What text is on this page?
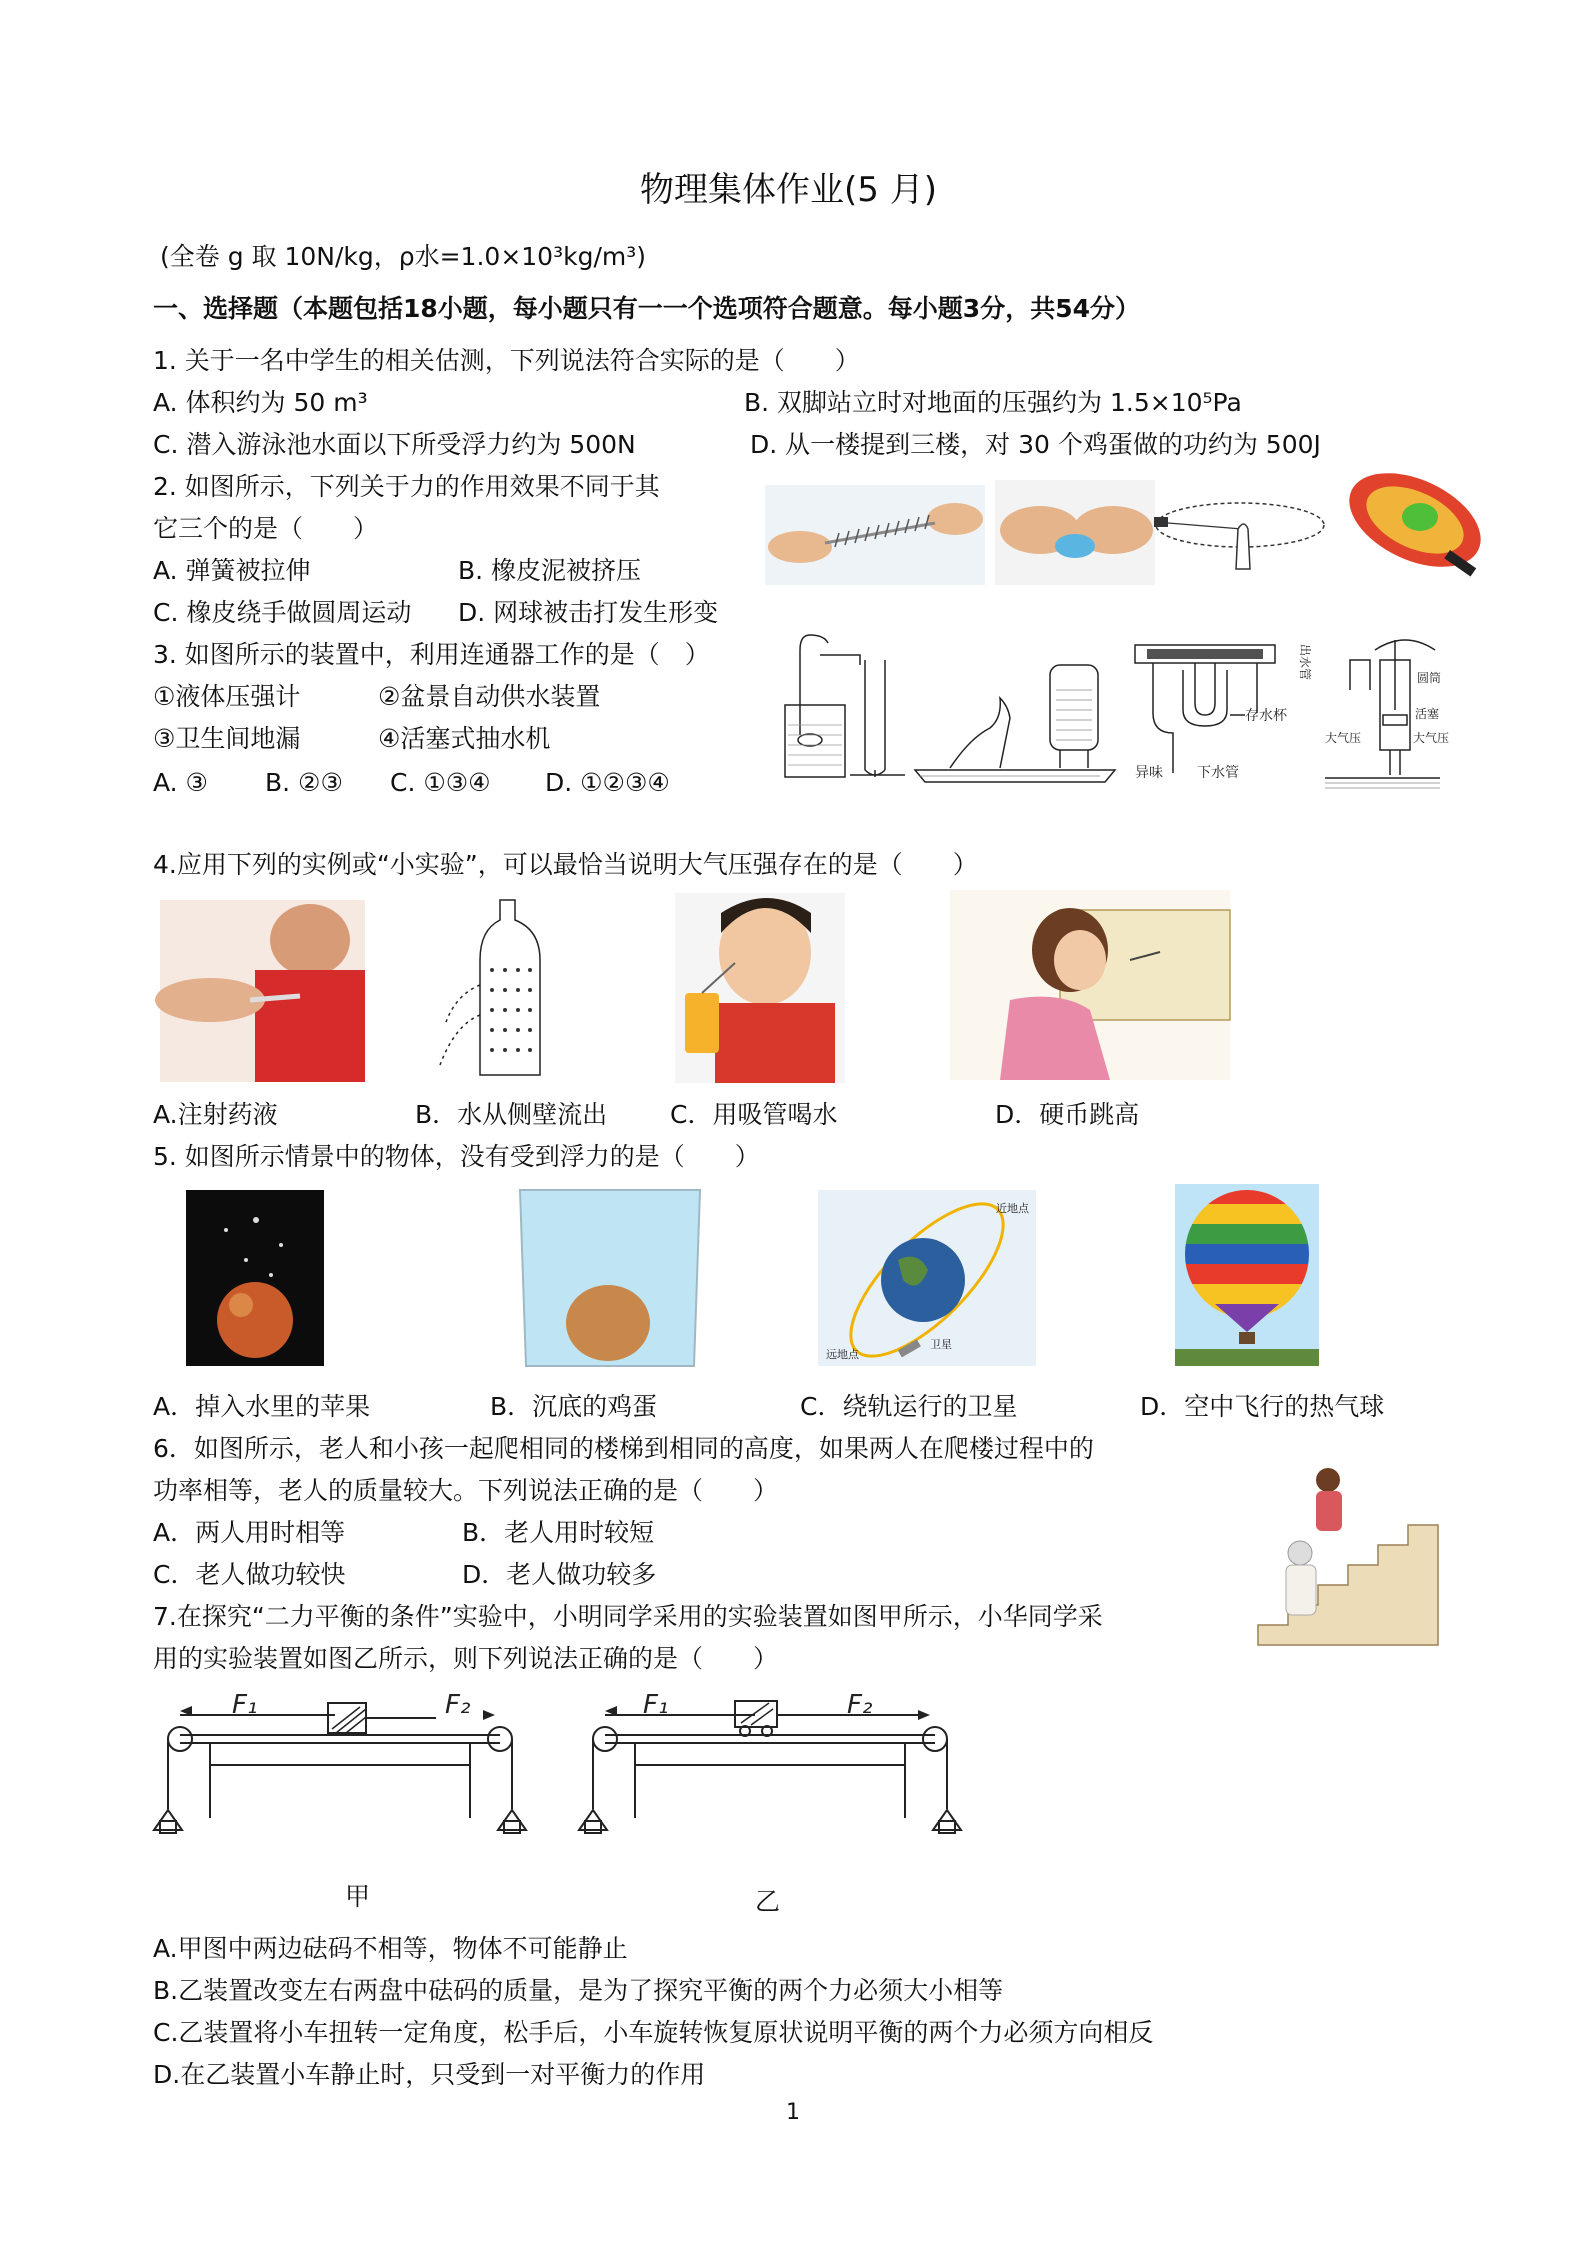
物理集体作业(5 月)
(全卷 g 取 10N/kg，ρ水=1.0×10³kg/m³)
一、选择题（本题包括18小题，每小题只有一一个选项符合题意。每小题3分，共54分）
1. 关于一名中学生的相关估测，下列说法符合实际的是（　　）
A. 体积约为 50 m³	B. 双脚站立时对地面的压强约为 1.5×10⁵Pa
C. 潜入游泳池水面以下所受浮力约为 500N	D. 从一楼提到三楼，对 30 个鸡蛋做的功约为 500J
2. 如图所示，下列关于力的作用效果不同于其
它三个的是（　　）
A. 弹簧被拉伸	B. 橡皮泥被挤压
C. 橡皮绕手做圆周运动 D. 网球被击打发生形变
3. 如图所示的装置中，利用连通器工作的是（　）
①液体压强计	②盆景自动供水装置
③卫生间地漏	④活塞式抽水机
A. ③ B. ②③ C. ①③④ D. ①②③④
存水杯
异味 下水管
出水管	圆筒
活塞
大气压	大气压
4.应用下列的实例或“小实验”，可以最恰当说明大气压强存在的是（　　）
A.注射药液	B．水从侧壁流出	C．用吸管喝水	D．硬币跳高
5. 如图所示情景中的物体，没有受到浮力的是（　　）
近地点
远地点
卫星
A．掉入水里的苹果	B．沉底的鸡蛋	C．绕轨运行的卫星	D．空中飞行的热气球
6．如图所示，老人和小孩一起爬相同的楼梯到相同的高度，如果两人在爬楼过程中的
功率相等，老人的质量较大。下列说法正确的是（　　）
A．两人用时相等	B．老人用时较短
C．老人做功较快	D．老人做功较多
7.在探究“二力平衡的条件”实验中，小明同学采用的实验装置如图甲所示，小华同学采
用的实验装置如图乙所示，则下列说法正确的是（　　）
F₁	F₂	F₁	F₂
甲	乙
A.甲图中两边砝码不相等，物体不可能静止
B.乙装置改变左右两盘中砝码的质量，是为了探究平衡的两个力必须大小相等
C.乙装置将小车扭转一定角度，松手后，小车旋转恢复原状说明平衡的两个力必须方向相反
D.在乙装置小车静止时，只受到一对平衡力的作用
1
